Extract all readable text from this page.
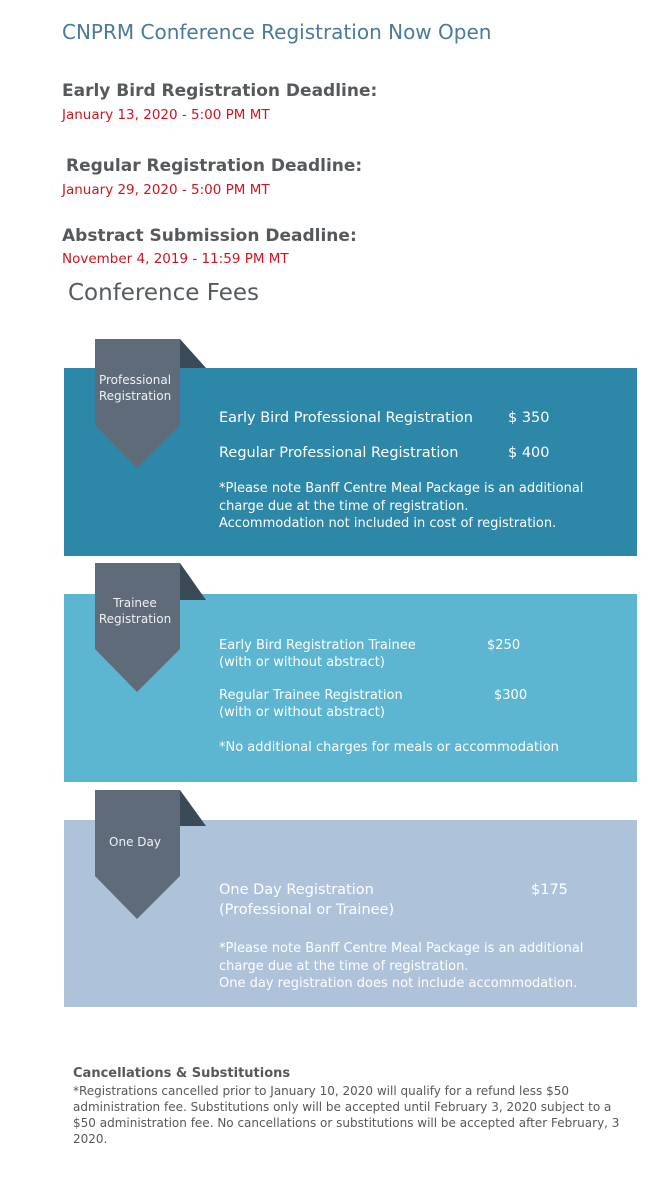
CNPRM Conference Registration Now Open
Early Bird Registration Deadline:
January 13, 2020 - 5:00 PM MT
Regular Registration Deadline:
January 29, 2020 - 5:00 PM MT
Abstract Submission Deadline:
November 4, 2019 - 11:59 PM MT
Conference Fees
Early Bird Professional Registration $ 350
Regular Professional Registration	$ 400
*Please note Banff Centre Meal Package is an additional
charge due at the time of registration.
Accommodation not included in cost of registration.
Early Bird Registration Trainee
(with or without abstract)
$250
Regular Trainee Registration
(with or without abstract)
$300
*No additional charges for meals or accommodation
One Day Registration
(Professional or Trainee)
$175
*Please note Banff Centre Meal Package is an additional
charge due at the time of registration.
One day registration does not include accommodation.
Professional Registration
Trainee Registration
One Day
Cancellations & Substitutions
*Registrations cancelled prior to January 10, 2020 will qualify for a refund less $50 administration fee. Substitutions only will be accepted until February 3, 2020 subject to a $50 administration fee. No cancellations or substitutions will be accepted after February, 3 2020.
